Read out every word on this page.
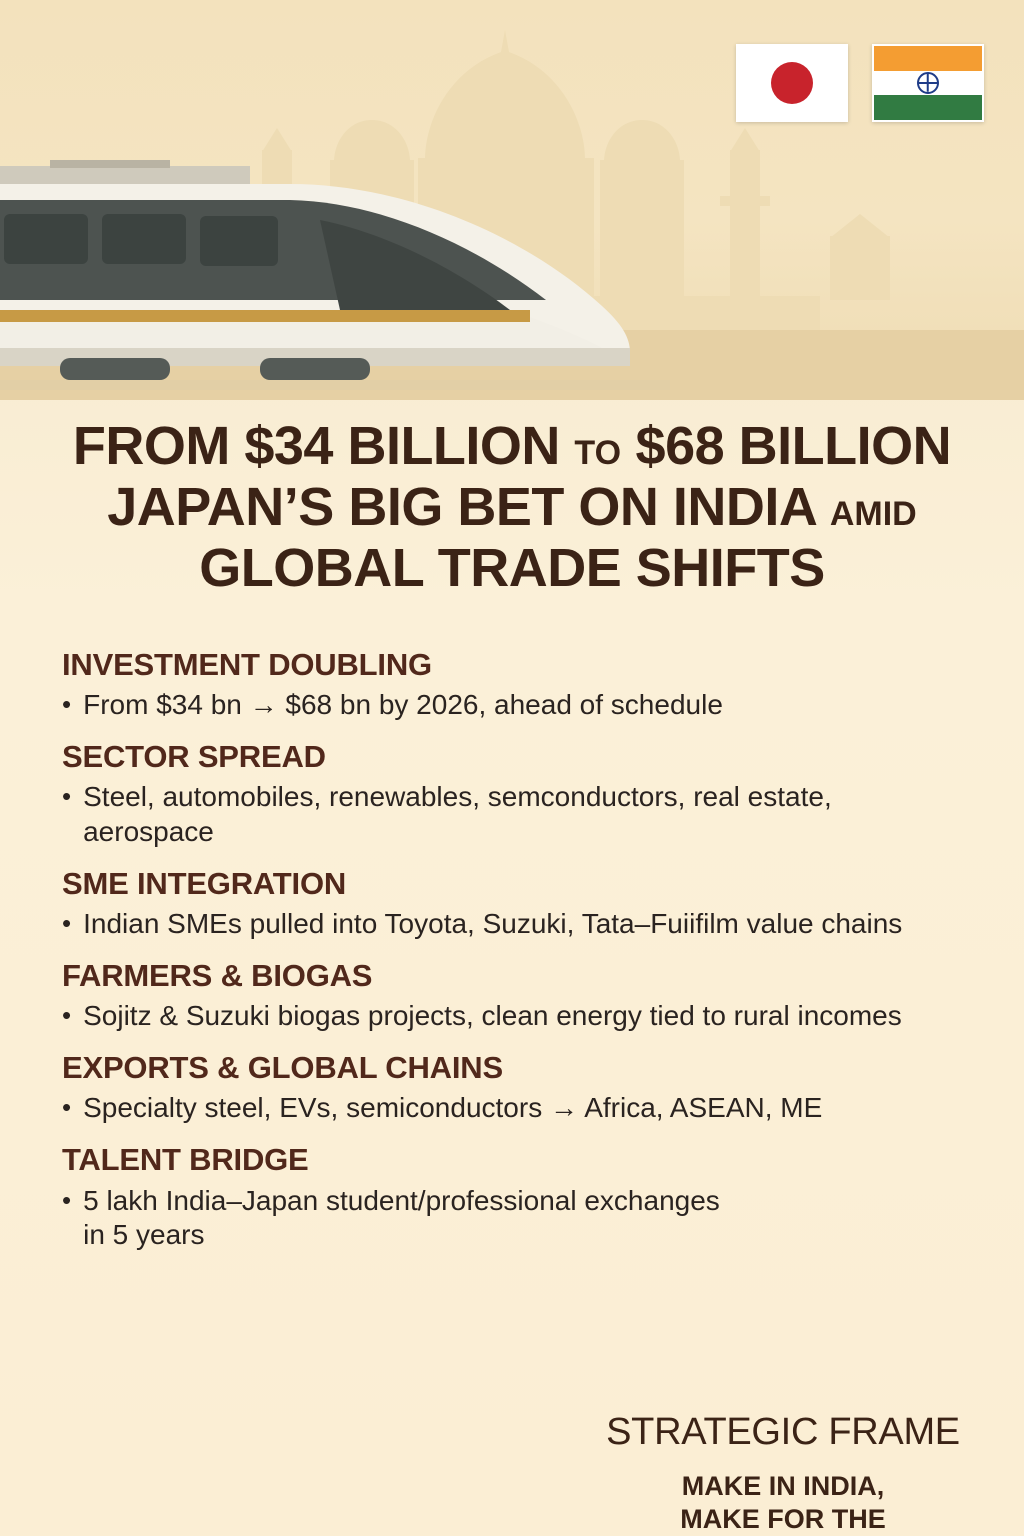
FROM $34 BILLION TO $68 BILLION
JAPAN’S BIG BET ON INDIA AMID
GLOBAL TRADE SHIFTS
INVESTMENT DOUBLING
• From $34 bn → $68 bn by 2026, ahead of schedule
SECTOR SPREAD
• Steel, automobiles, renewables, semconductors, real estate, aerospace
SME INTEGRATION
• Indian SMEs pulled into Toyota, Suzuki, Tata–Fuiifilm value chains
FARMERS & BIOGAS
• Sojitz & Suzuki biogas projects, clean energy tied to rural incomes
EXPORTS & GLOBAL CHAINS
• Specialty steel, EVs, semiconductors → Africa, ASEAN, ME
TALENT BRIDGE
• 5 lakh India–Japan student/professional exchanges in 5 years
STRATEGIC FRAME
MAKE IN INDIA,
MAKE FOR THE
